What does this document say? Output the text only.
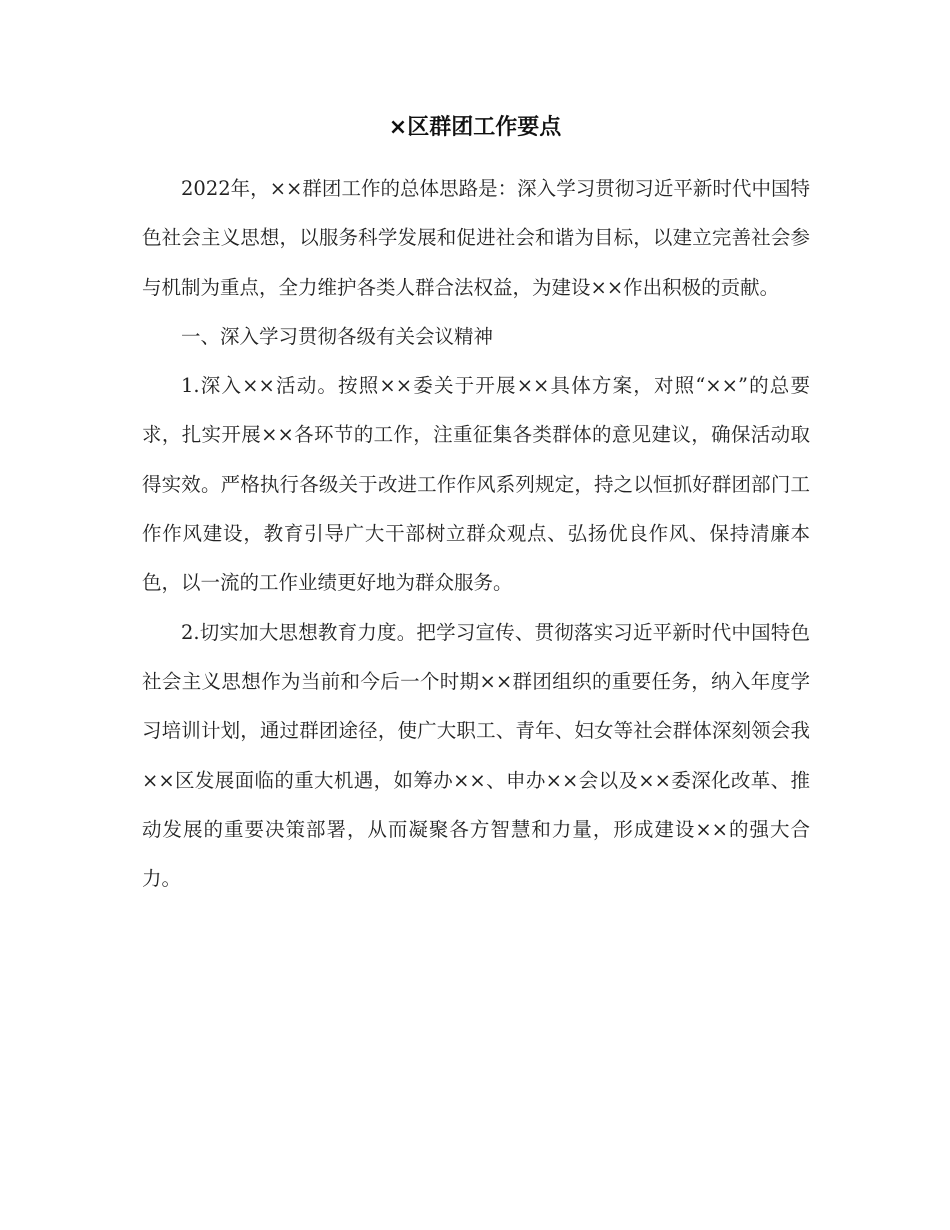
×区群团工作要点

2022年，××群团工作的总体思路是：深入学习贯彻习近平新时代中国特色社会主义思想，以服务科学发展和促进社会和谐为目标，以建立完善社会参与机制为重点，全力维护各类人群合法权益，为建设××作出积极的贡献。

一、深入学习贯彻各级有关会议精神

1.深入××活动。按照××委关于开展××具体方案，对照“××”的总要求，扎实开展××各环节的工作，注重征集各类群体的意见建议，确保活动取得实效。严格执行各级关于改进工作作风系列规定，持之以恒抓好群团部门工作作风建设，教育引导广大干部树立群众观点、弘扬优良作风、保持清廉本色，以一流的工作业绩更好地为群众服务。

2.切实加大思想教育力度。把学习宣传、贯彻落实习近平新时代中国特色社会主义思想作为当前和今后一个时期××群团组织的重要任务，纳入年度学习培训计划，通过群团途径，使广大职工、青年、妇女等社会群体深刻领会我××区发展面临的重大机遇，如筹办××、申办××会以及××委深化改革、推动发展的重要决策部署，从而凝聚各方智慧和力量，形成建设××的强大合力。
